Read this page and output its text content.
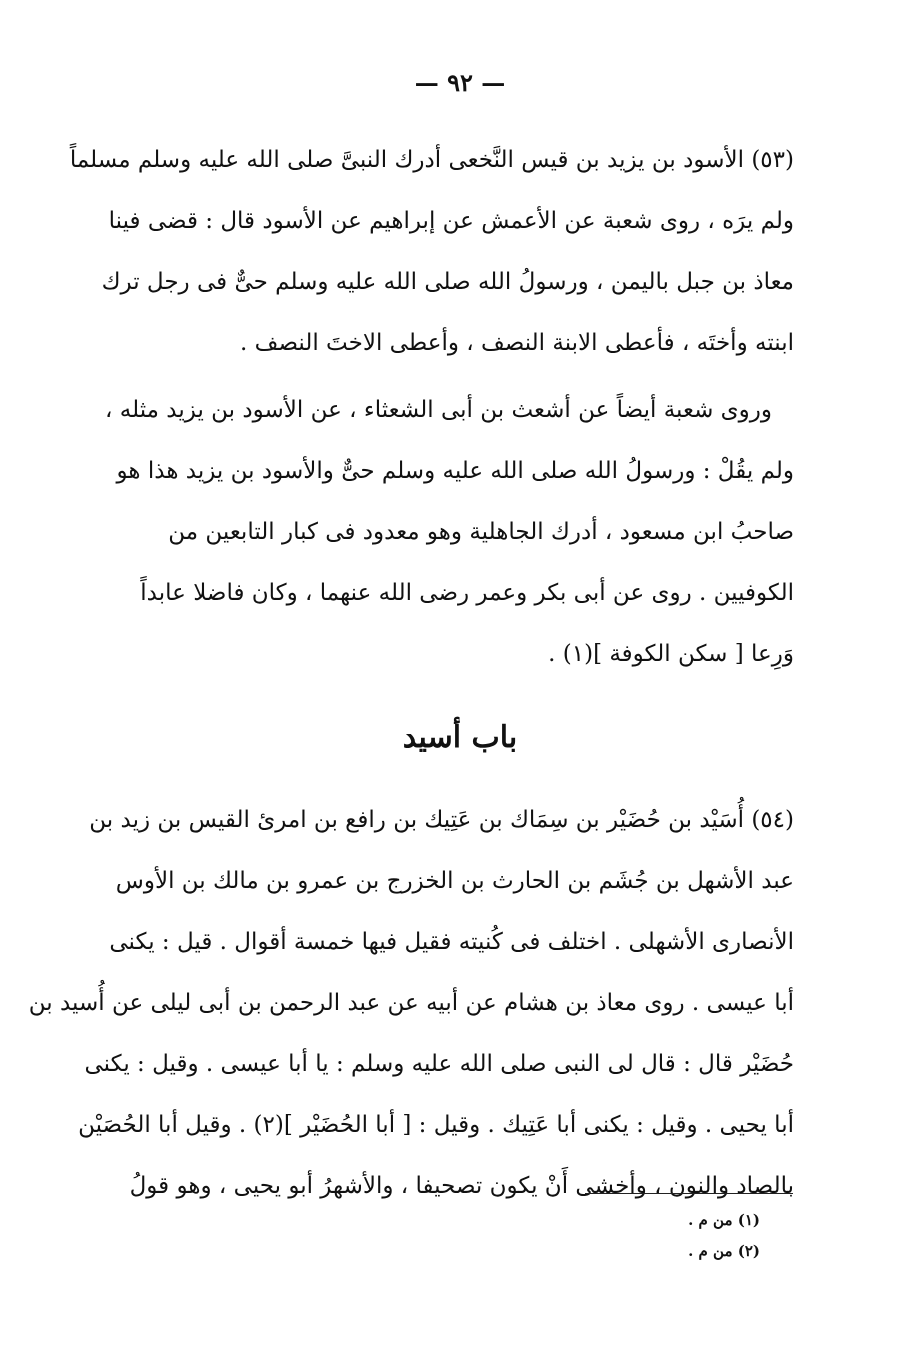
— ٩٢ —
(٥٣) الأسود بن يزيد بن قيس النَّخعى أدرك النبىَّ صلى الله عليه وسلم مسلماً
ولم يرَه ، روى شعبة عن الأعمش عن إبراهيم عن الأسود قال : قضى فينا
معاذ بن جبل باليمن ، ورسولُ الله صلى الله عليه وسلم حىٌّ فى رجل ترك
ابنته وأختَه ، فأعطى الابنة النصف ، وأعطى الاختَ النصف .
وروى شعبة أيضاً عن أشعث بن أبى الشعثاء ، عن الأسود بن يزيد مثله ،
ولم يقُلْ : ورسولُ الله صلى الله عليه وسلم حىٌّ والأسود بن يزيد هذا هو
صاحبُ ابن مسعود ، أدرك الجاهلية وهو معدود فى كبار التابعين من
الكوفيين . روى عن أبى بكر وعمر رضى الله عنهما ، وكان فاضلا عابداً
وَرِعا [ سكن الكوفة ](١) .
باب أسيد
(٥٤) أُسَيْد بن حُضَيْر بن سِمَاك بن عَتِيك بن رافع بن امرئ القيس بن زيد بن
عبد الأشهل بن جُشَم بن الحارث بن الخزرج بن عمرو بن مالك بن الأوس
الأنصارى الأشهلى . اختلف فى كُنيته فقيل فيها خمسة أقوال . قيل : يكنى
أبا عيسى . روى معاذ بن هشام عن أبيه عن عبد الرحمن بن أبى ليلى عن أُسيد بن
حُضَيْر قال : قال لى النبى صلى الله عليه وسلم : يا أبا عيسى . وقيل : يكنى
أبا يحيى . وقيل : يكنى أبا عَتِيك . وقيل : [ أبا الحُضَيْر ](٢) . وقيل أبا الحُصَيْن
بالصاد والنون ، وأخشى أَنْ يكون تصحيفا ، والأشهرُ أبو يحيى ، وهو قولُ
(١) من م .
(٢) من م .
